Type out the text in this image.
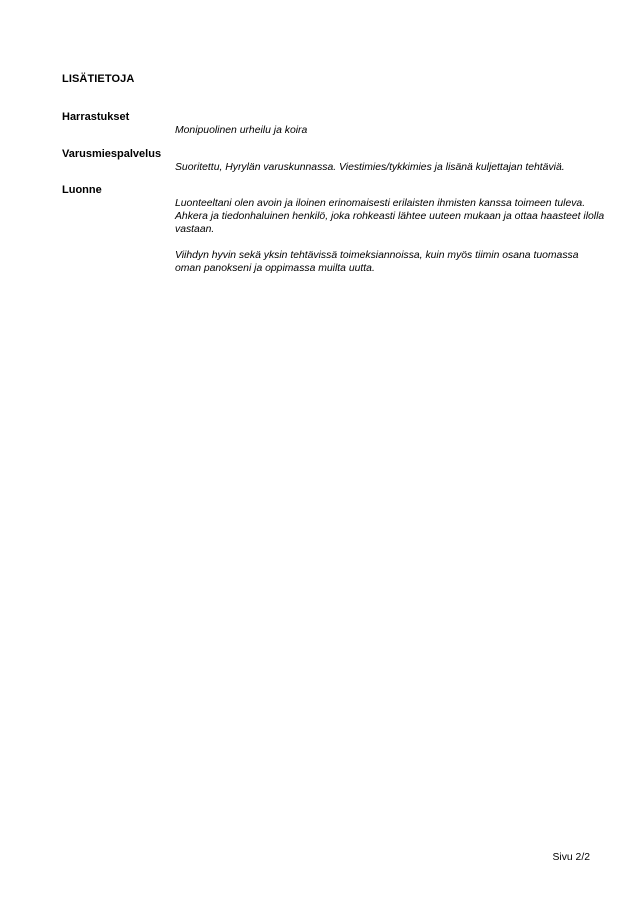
LISÄTIETOJA
Harrastukset

Monipuolinen urheilu ja koira

Varusmiespalvelus

Suoritettu, Hyrylän varuskunnassa. Viestimies/tykkimies ja lisänä kuljettajan tehtäviä.

Luonne

Luonteeltani olen avoin ja iloinen erinomaisesti erilaisten ihmisten kanssa toimeen tuleva. Ahkera ja tiedonhaluinen henkilö, joka rohkeasti lähtee uuteen mukaan ja ottaa haasteet ilolla vastaan.

Viihdyn hyvin sekä yksin tehtävissä toimeksiannoissa, kuin myös tiimin osana tuomassa oman panokseni ja oppimassa muilta uutta.

Sivu 2/2
